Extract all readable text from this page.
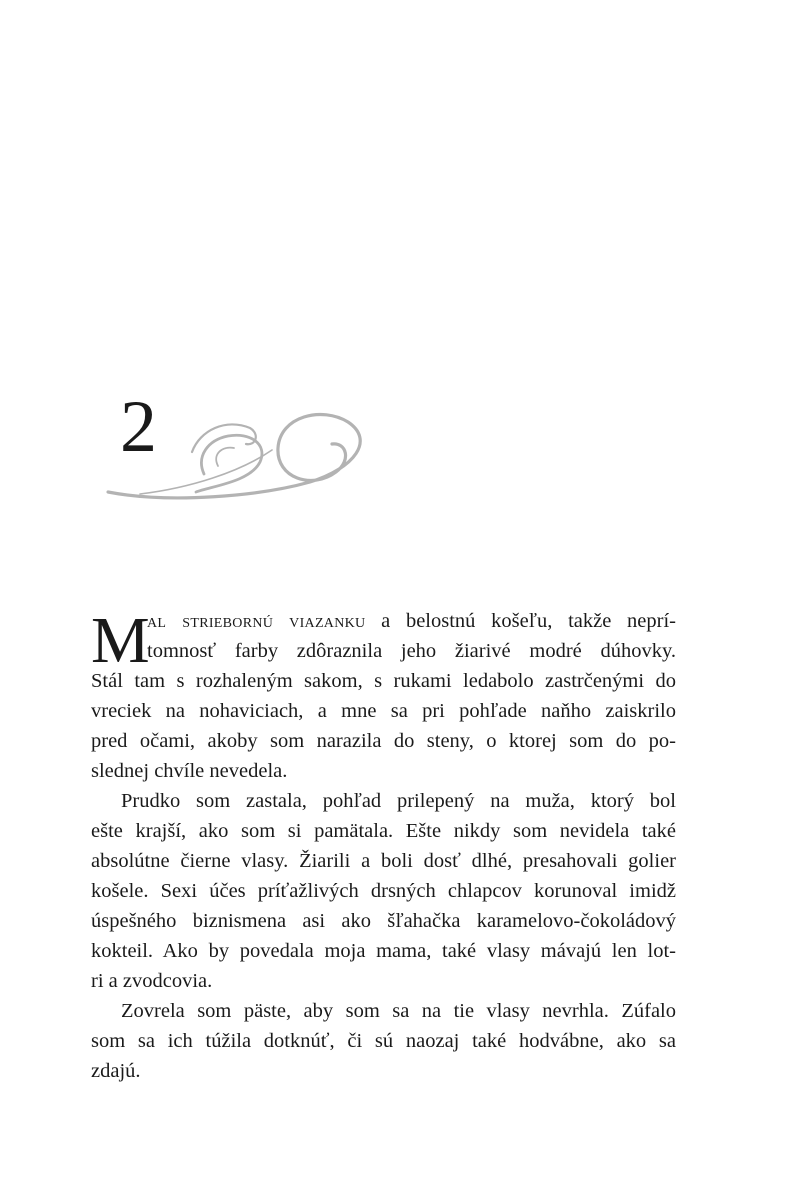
2
M
al striebornú viazanku a belostnú košeľu, takže neprí-
tomnosť farby zdôraznila jeho žiarivé modré dúhovky.
Stál tam s rozhaleným sakom, s rukami ledabolo zastrčenými do
vreciek na nohaviciach, a mne sa pri pohľade naňho zaiskrilo
pred očami, akoby som narazila do steny, o ktorej som do po-
slednej chvíle nevedela.
Prudko som zastala, pohľad prilepený na muža, ktorý bol
ešte krajší, ako som si pamätala. Ešte nikdy som nevidela také
absolútne čierne vlasy. Žiarili a boli dosť dlhé, presahovali golier
košele. Sexi účes príťažlivých drsných chlapcov korunoval imidž
úspešného biznismena asi ako šľahačka karamelovo-čokoládový
kokteil. Ako by povedala moja mama, také vlasy mávajú len lot-
ri a zvodcovia.
Zovrela som päste, aby som sa na tie vlasy nevrhla. Zúfalo
som sa ich túžila dotknúť, či sú naozaj také hodvábne, ako sa
zdajú.
